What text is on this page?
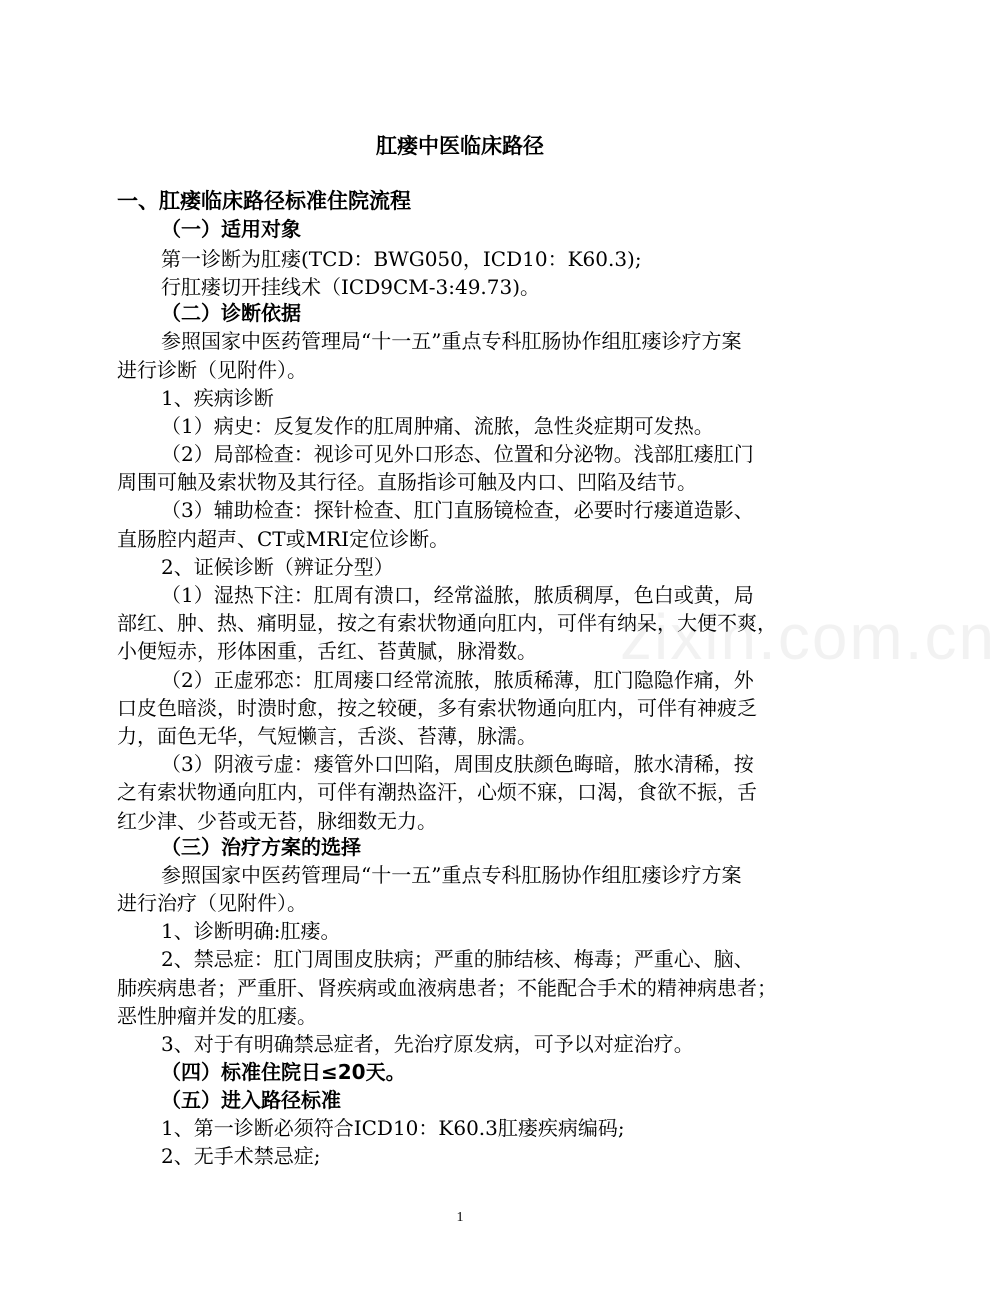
zixin.com.cn
肛瘘中医临床路径
一、肛瘘临床路径标准住院流程
（一）适用对象
第一诊断为肛瘘(TCD：BWG050，ICD10：K60.3);
行肛瘘切开挂线术（ICD9CM-3:49.73)。
（二）诊断依据
参照国家中医药管理局“十一五”重点专科肛肠协作组肛瘘诊疗方案
进行诊断（见附件）。
1、疾病诊断
（1）病史：反复发作的肛周肿痛、流脓，急性炎症期可发热。
（2）局部检查：视诊可见外口形态、位置和分泌物。浅部肛瘘肛门
周围可触及索状物及其行径。直肠指诊可触及内口、凹陷及结节。
（3）辅助检查：探针检查、肛门直肠镜检查，必要时行瘘道造影、
直肠腔内超声、CT或MRI定位诊断。
2、证候诊断（辨证分型）
（1）湿热下注：肛周有溃口，经常溢脓，脓质稠厚，色白或黄，局
部红、肿、热、痛明显，按之有索状物通向肛内，可伴有纳呆，大便不爽，
小便短赤，形体困重，舌红、苔黄腻，脉滑数。
（2）正虚邪恋：肛周瘘口经常流脓，脓质稀薄，肛门隐隐作痛，外
口皮色暗淡，时溃时愈，按之较硬，多有索状物通向肛内，可伴有神疲乏
力，面色无华，气短懒言，舌淡、苔薄，脉濡。
（3）阴液亏虚：瘘管外口凹陷，周围皮肤颜色晦暗，脓水清稀，按
之有索状物通向肛内，可伴有潮热盗汗，心烦不寐，口渴，食欲不振，舌
红少津、少苔或无苔，脉细数无力。
（三）治疗方案的选择
参照国家中医药管理局“十一五”重点专科肛肠协作组肛瘘诊疗方案
进行治疗（见附件）。
1、诊断明确:肛瘘。
2、禁忌症：肛门周围皮肤病；严重的肺结核、梅毒；严重心、脑、
肺疾病患者；严重肝、肾疾病或血液病患者；不能配合手术的精神病患者；
恶性肿瘤并发的肛瘘。
3、对于有明确禁忌症者，先治疗原发病，可予以对症治疗。
（四）标准住院日≤20天。
（五）进入路径标准
1、第一诊断必须符合ICD10：K60.3肛瘘疾病编码;
2、无手术禁忌症;
1
